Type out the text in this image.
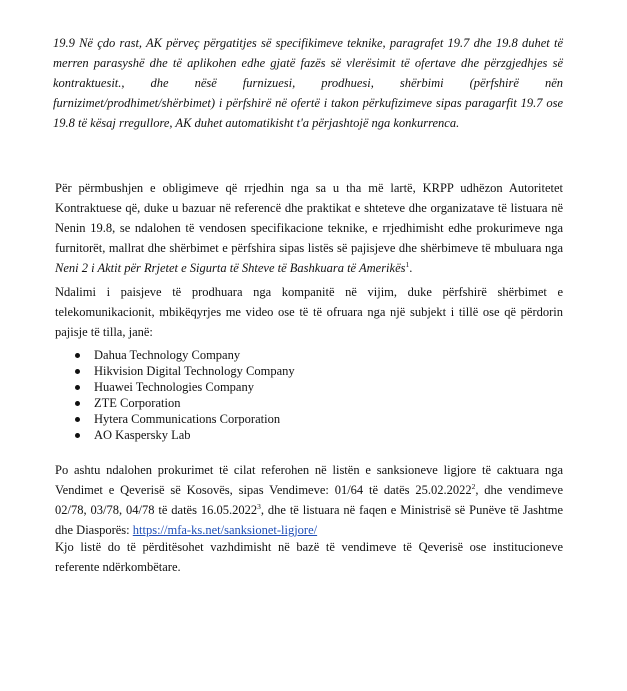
19.9 Në çdo rast, AK përveç përgatitjes së specifikimeve teknike, paragrafet 19.7 dhe 19.8 duhet të merren parasyshë dhe të aplikohen edhe gjatë fazës së vlerësimit të ofertave dhe përzgjedhjes së kontraktuesit., dhe nësë furnizuesi, prodhuesi, shërbimi (përfshirë nën furnizimet/prodhimet/shërbimet) i përfshirë në ofertë i takon përkufizimeve sipas paragarfit 19.7 ose 19.8 të kësaj rregullore, AK duhet automatikisht t'a përjashtojë nga konkurrenca.

Për përmbushjen e obligimeve që rrjedhin nga sa u tha më lartë, KRPP udhëzon Autoritetet Kontraktuese që, duke u bazuar në referencë dhe praktikat e shteteve dhe organizatave të listuara në Nenin 19.8, se ndalohen të vendosen specifikacione teknike, e rrjedhimisht edhe prokurimeve nga furnitorët, mallrat dhe shërbimet e përfshira sipas listës së pajisjeve dhe shërbimeve të mbuluara nga Neni 2 i Aktit për Rrjetet e Sigurta të Shteve të Bashkuara të Amerikës$^1$.

Ndalimi i paisjeve të prodhuara nga kompanitë në vijim, duke përfshirë shërbimet e telekomunikacionit, mbikëqyrjes me video ose të të ofruara nga një subjekt i tillë ose që përdorin pajisje të tilla, janë:

Dahua Technology Company
Hikvision Digital Technology Company
Huawei Technologies Company
ZTE Corporation
Hytera Communications Corporation
AO Kaspersky Lab

Po ashtu ndalohen prokurimet të cilat referohen në listën e sanksioneve ligjore të caktuara nga Vendimet e Qeverisë së Kosovës, sipas Vendimeve: 01/64 të datës 25.02.2022$^2$, dhe vendimeve 02/78, 03/78, 04/78 të datës 16.05.2022$^3$, dhe të listuara në faqen e Ministrisë së Punëve të Jashtme dhe Diasporës: https://mfa-ks.net/sanksionet-ligjore/

Kjo listë do të përditësohet vazhdimisht në bazë të vendimeve të Qeverisë ose institucioneve referente ndërkombëtare.
